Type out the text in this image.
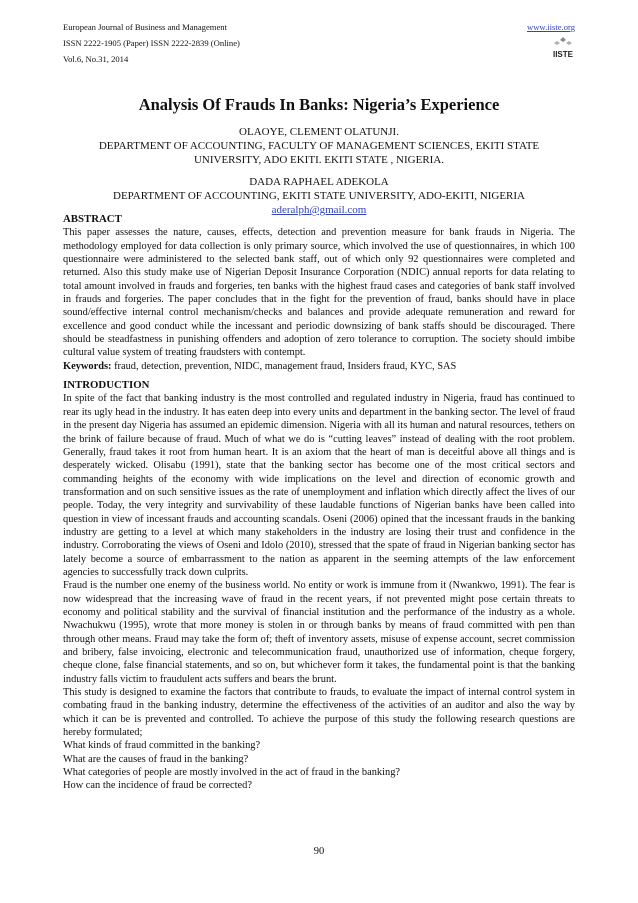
European Journal of Business and Management
ISSN 2222-1905 (Paper) ISSN 2222-2839 (Online)
Vol.6, No.31, 2014
www.iiste.org
IISTE
Analysis Of Frauds In Banks: Nigeria’s Experience
OLAOYE, CLEMENT OLATUNJI.
DEPARTMENT OF ACCOUNTING, FACULTY OF MANAGEMENT SCIENCES, EKITI STATE
UNIVERSITY, ADO EKITI. EKITI STATE , NIGERIA.
DADA RAPHAEL ADEKOLA
DEPARTMENT OF ACCOUNTING, EKITI STATE UNIVERSITY, ADO-EKITI, NIGERIA
aderalph@gmail.com

ABSTRACT

This paper assesses the nature, causes, effects, detection and prevention measure for bank frauds in Nigeria. The methodology employed for data collection is only primary source, which involved the use of questionnaires, in which 100 questionnaire were administered to the selected bank staff, out of which only 92 questionnaires were completed and returned. Also this study make use of Nigerian Deposit Insurance Corporation (NDIC) annual reports for data relating to total amount involved in frauds and forgeries, ten banks with the highest fraud cases and categories of bank staff involved in frauds and forgeries. The paper concludes that in the fight for the prevention of fraud, banks should have in place sound/effective internal control mechanism/checks and balances and provide adequate remuneration and reward for excellence and good conduct while the incessant and periodic downsizing of bank staffs should be discouraged. There should be steadfastness in punishing offenders and adoption of zero tolerance to corruption. The society should imbibe cultural value system of treating fraudsters with contempt.

Keywords: fraud, detection, prevention, NIDC, management fraud, Insiders fraud, KYC, SAS

INTRODUCTION

In spite of the fact that banking industry is the most controlled and regulated industry in Nigeria, fraud has continued to rear its ugly head in the industry. It has eaten deep into every units and department in the banking sector. The level of fraud in the present day Nigeria has assumed an epidemic dimension. Nigeria with all its human and natural resources, tethers on the brink of failure because of fraud. Much of what we do is “cutting leaves” instead of dealing with the root problem. Generally, fraud takes it root from human heart. It is an axiom that the heart of man is deceitful above all things and is desperately wicked. Olisabu (1991), state that the banking sector has become one of the most critical sectors and commanding heights of the economy with wide implications on the level and direction of economic growth and transformation and on such sensitive issues as the rate of unemployment and inflation which directly affect the lives of our people. Today, the very integrity and survivability of these laudable functions of Nigerian banks have been called into question in view of incessant frauds and accounting scandals. Oseni (2006) opined that the incessant frauds in the banking industry are getting to a level at which many stakeholders in the industry are losing their trust and confidence in the industry. Corroborating the views of Oseni and Idolo (2010), stressed that the spate of fraud in Nigerian banking sector has lately become a source of embarrassment to the nation as apparent in the seeming attempts of the law enforcement agencies to successfully track down culprits.

Fraud is the number one enemy of the business world. No entity or work is immune from it (Nwankwo, 1991). The fear is now widespread that the increasing wave of fraud in the recent years, if not prevented might pose certain threats to economy and political stability and the survival of financial institution and the performance of the industry as a whole. Nwachukwu (1995), wrote that more money is stolen in or through banks by means of fraud committed with pen than through other means. Fraud may take the form of; theft of inventory assets, misuse of expense account, secret commission and bribery, false invoicing, electronic and telecommunication fraud, unauthorized use of information, cheque forgery, cheque clone, false financial statements, and so on, but whichever form it takes, the fundamental point is that the banking industry falls victim to fraudulent acts suffers and bears the brunt.

This study is designed to examine the factors that contribute to frauds, to evaluate the impact of internal control system in combating fraud in the banking industry, determine the effectiveness of the activities of an auditor and also the way by which it can be is prevented and controlled. To achieve the purpose of this study the following research questions are hereby formulated;

What kinds of fraud committed in the banking?

What are the causes of fraud in the banking?

What categories of people are mostly involved in the act of fraud in the banking?

How can the incidence of fraud be corrected?

90
